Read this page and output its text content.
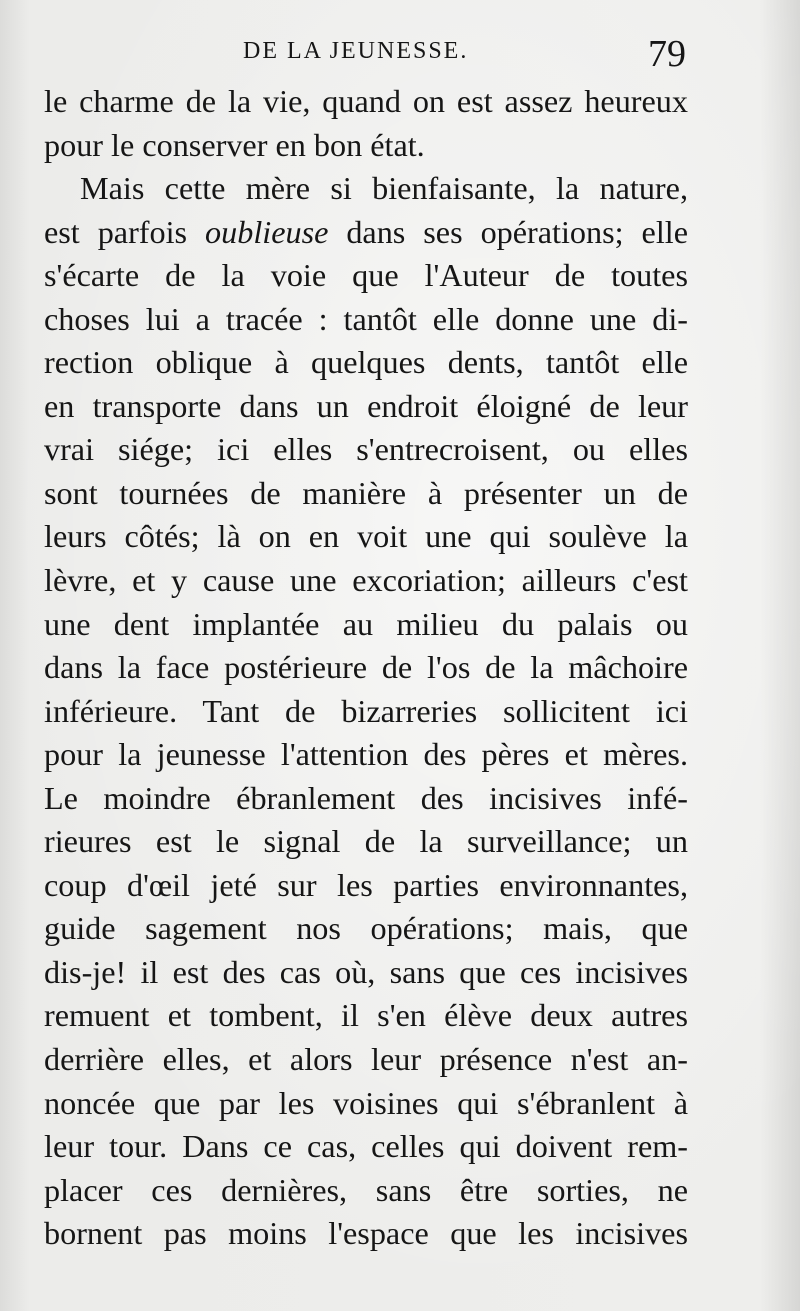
DE LA JEUNESSE.	79
le charme de la vie, quand on est assez heureux
pour le conserver en bon état.
Mais cette mère si bienfaisante, la nature,
est parfois oublieuse dans ses opérations; elle
s'écarte de la voie que l'Auteur de toutes
choses lui a tracée : tantôt elle donne une di-
rection oblique à quelques dents, tantôt elle
en transporte dans un endroit éloigné de leur
vrai siége; ici elles s'entrecroisent, ou elles
sont tournées de manière à présenter un de
leurs côtés; là on en voit une qui soulève la
lèvre, et y cause une excoriation; ailleurs c'est
une dent implantée au milieu du palais ou
dans la face postérieure de l'os de la mâchoire
inférieure. Tant de bizarreries sollicitent ici
pour la jeunesse l'attention des pères et mères.
Le moindre ébranlement des incisives infé-
rieures est le signal de la surveillance; un
coup d'œil jeté sur les parties environnantes,
guide sagement nos opérations; mais, que
dis-je! il est des cas où, sans que ces incisives
remuent et tombent, il s'en élève deux autres
derrière elles, et alors leur présence n'est an-
noncée que par les voisines qui s'ébranlent à
leur tour. Dans ce cas, celles qui doivent rem-
placer ces dernières, sans être sorties, ne
bornent pas moins l'espace que les incisives
